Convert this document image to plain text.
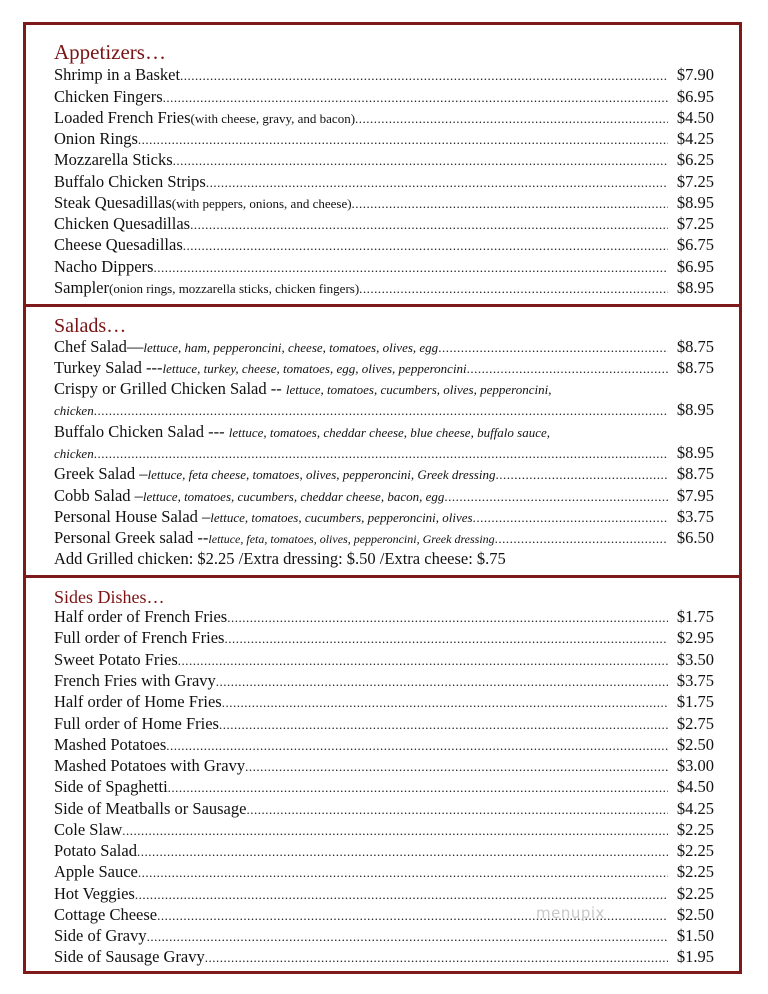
Appetizers…
Shrimp in a Basket .....	$7.90
Chicken Fingers .....	$6.95
Loaded French Fries (with cheese, gravy, and bacon) .....	$4.50
Onion Rings .....	$4.25
Mozzarella Sticks .....	$6.25
Buffalo Chicken Strips .....	$7.25
Steak Quesadillas (with peppers, onions, and cheese) .....	$8.95
Chicken Quesadillas .....	$7.25
Cheese Quesadillas .....	$6.75
Nacho Dippers .....	$6.95
Sampler (onion rings, mozzarella sticks, chicken fingers) .....	$8.95
Salads…
Chef Salad— lettuce, ham, pepperoncini, cheese, tomatoes, olives, egg .....	$8.75
Turkey Salad --- lettuce, turkey, cheese, tomatoes, egg, olives, pepperoncini .....	$8.75
Crispy or Grilled Chicken Salad -- lettuce, tomatoes, cucumbers, olives, pepperoncini,
chicken .....	$8.95
Buffalo Chicken Salad --- lettuce, tomatoes, cheddar cheese, blue cheese, buffalo sauce,
chicken .....	$8.95
Greek Salad – lettuce, feta cheese, tomatoes, olives, pepperoncini, Greek dressing .....	$8.75
Cobb Salad – lettuce, tomatoes, cucumbers, cheddar cheese, bacon, egg .....	$7.95
Personal House Salad – lettuce, tomatoes, cucumbers, pepperoncini, olives .....	$3.75
Personal Greek salad -- lettuce, feta, tomatoes, olives, pepperoncini, Greek dressing .....	$6.50
Add Grilled chicken: $2.25 /Extra dressing: $.50 /Extra cheese: $.75
Sides Dishes…
Half order of French Fries .....	$1.75
Full order of French Fries .....	$2.95
Sweet Potato Fries .....	$3.50
French Fries with Gravy .....	$3.75
Half order of Home Fries .....	$1.75
Full order of Home Fries .....	$2.75
Mashed Potatoes .....	$2.50
Mashed Potatoes with Gravy .....	$3.00
Side of Spaghetti .....	$4.50
Side of Meatballs or Sausage .....	$4.25
Cole Slaw .....	$2.25
Potato Salad .....	$2.25
Apple Sauce .....	$2.25
Hot Veggies .....	$2.25
Cottage Cheese .....	$2.50
Side of Gravy .....	$1.50
Side of Sausage Gravy .....	$1.95
menupix
